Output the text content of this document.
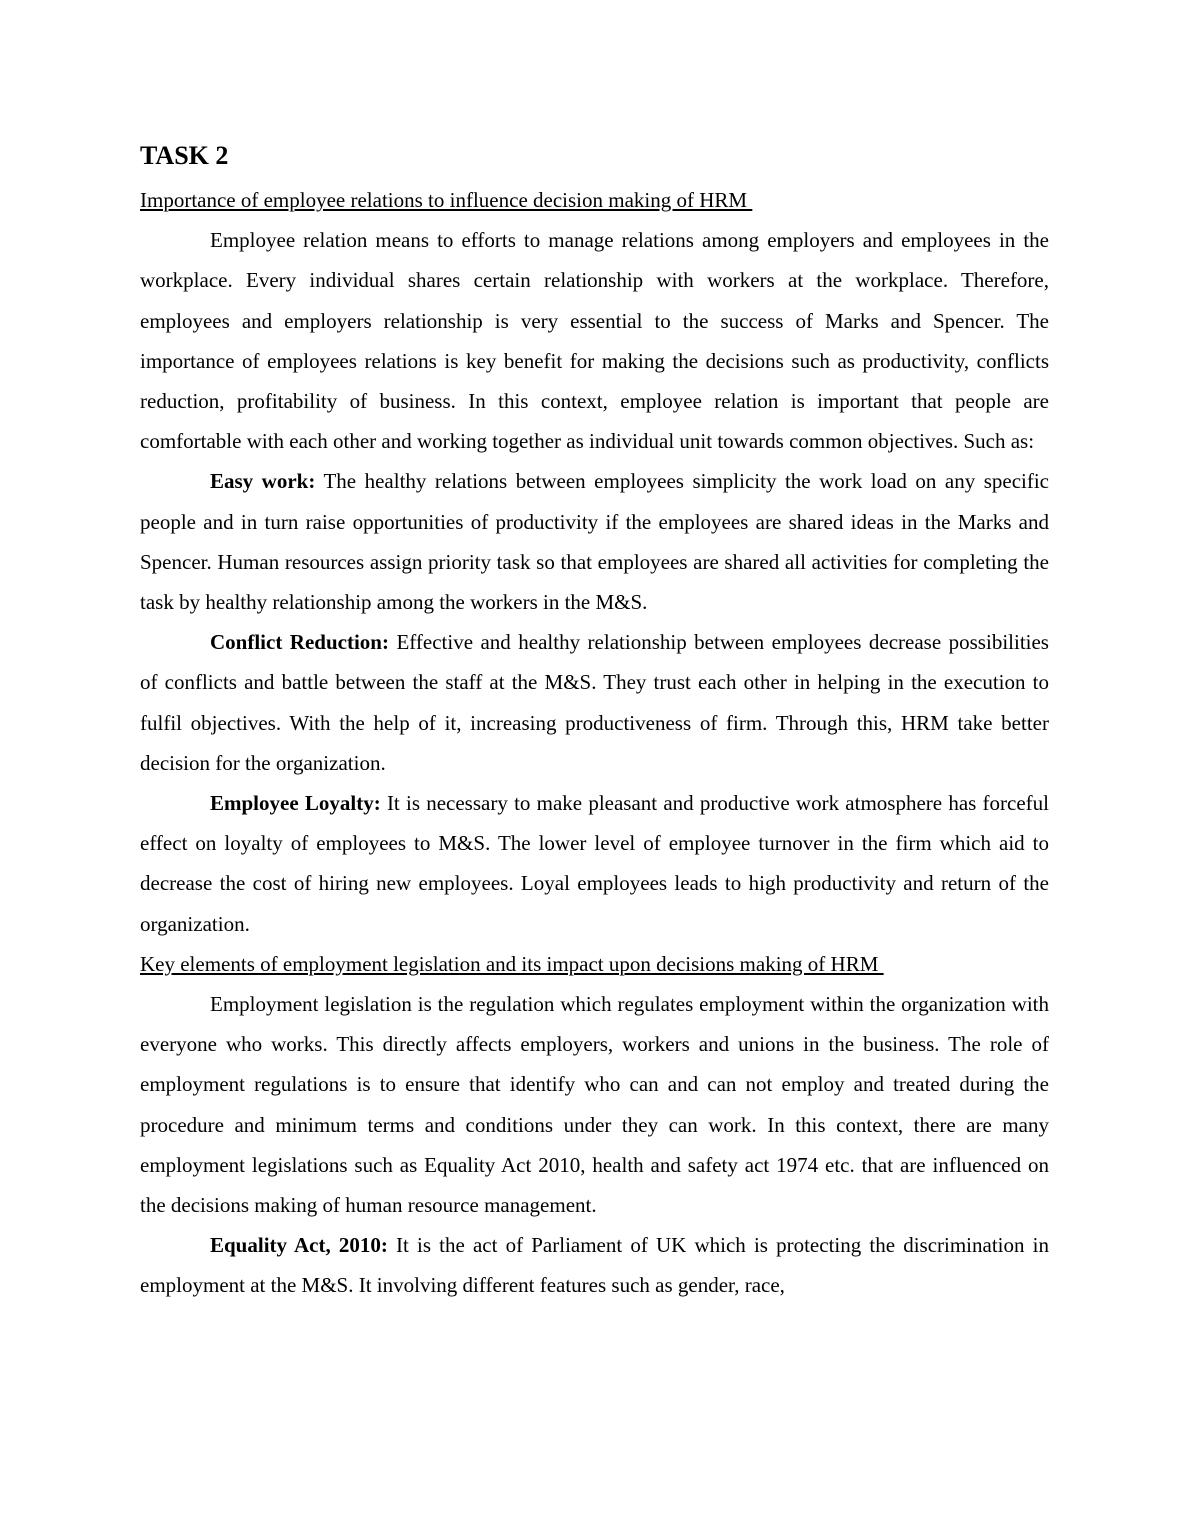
TASK 2

Importance of employee relations to influence decision making of HRM

Employee relation means to efforts to manage relations among employers and employees in the workplace. Every individual shares certain relationship with workers at the workplace. Therefore, employees and employers relationship is very essential to the success of Marks and Spencer. The importance of employees relations is key benefit for making the decisions such as productivity, conflicts reduction, profitability of business. In this context, employee relation is important that people are comfortable with each other and working together as individual unit towards common objectives. Such as:

Easy work: The healthy relations between employees simplicity the work load on any specific people and in turn raise opportunities of productivity if the employees are shared ideas in the Marks and Spencer. Human resources assign priority task so that employees are shared all activities for completing the task by healthy relationship among the workers in the M&S.

Conflict Reduction: Effective and healthy relationship between employees decrease possibilities of conflicts and battle between the staff at the M&S. They trust each other in helping in the execution to fulfil objectives. With the help of it, increasing productiveness of firm. Through this, HRM take better decision for the organization.

Employee Loyalty: It is necessary to make pleasant and productive work atmosphere has forceful effect on loyalty of employees to M&S. The lower level of employee turnover in the firm which aid to decrease the cost of hiring new employees. Loyal employees leads to high productivity and return of the organization.

Key elements of employment legislation and its impact upon decisions making of HRM

Employment legislation is the regulation which regulates employment within the organization with everyone who works. This directly affects employers, workers and unions in the business. The role of employment regulations is to ensure that identify who can and can not employ and treated during the procedure and minimum terms and conditions under they can work. In this context, there are many employment legislations such as Equality Act 2010, health and safety act 1974 etc. that are influenced on the decisions making of human resource management.

Equality Act, 2010: It is the act of Parliament of UK which is protecting the discrimination in employment at the M&S. It involving different features such as gender, race,
